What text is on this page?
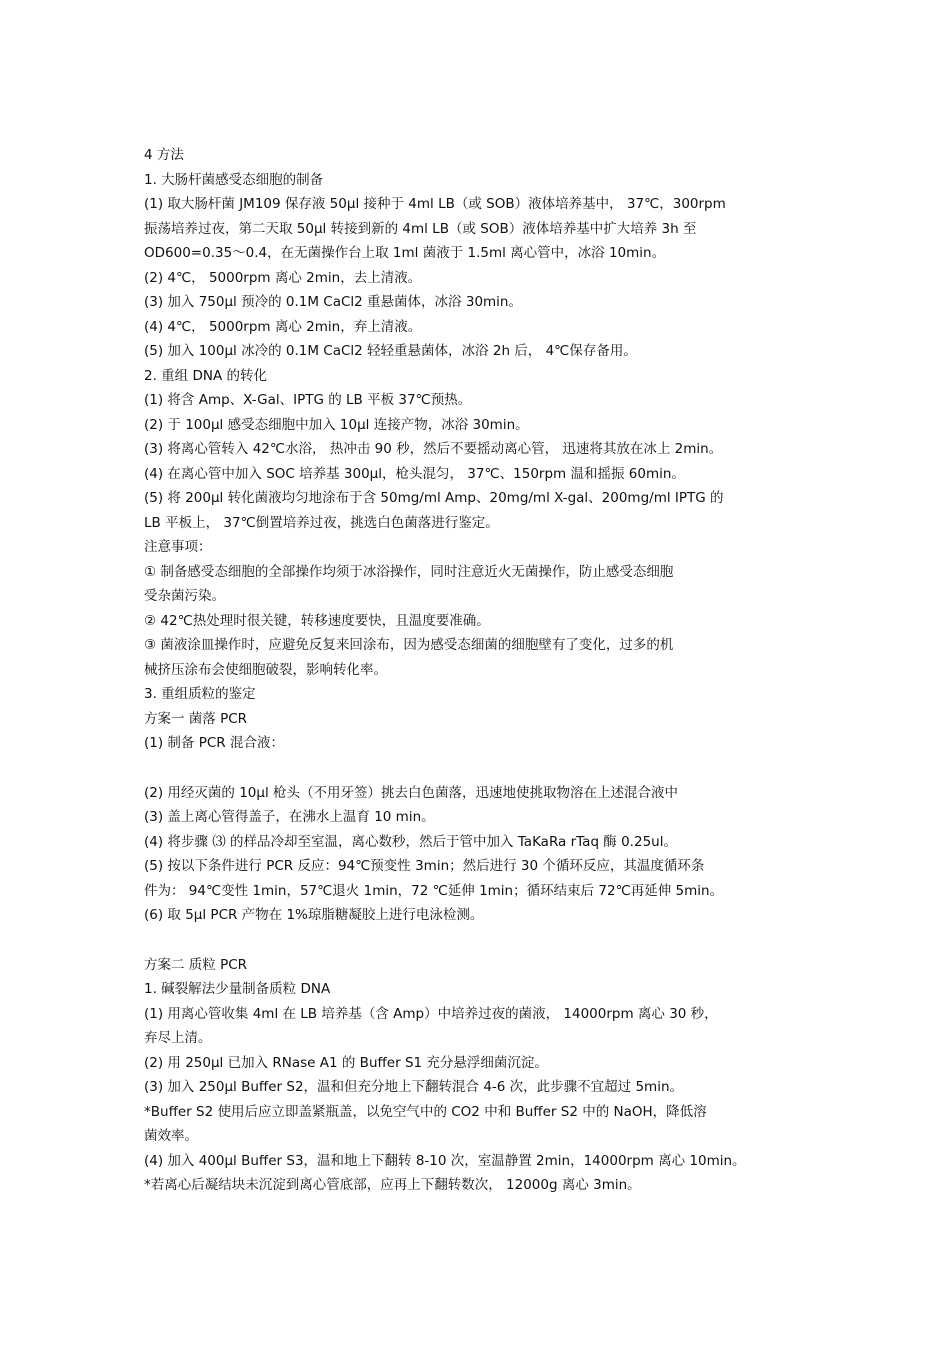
4 方法
1. 大肠杆菌感受态细胞的制备
(1) 取大肠杆菌 JM109 保存液 50μl 接种于 4ml LB（或 SOB）液体培养基中， 37℃，300rpm
振荡培养过夜，第二天取 50μl 转接到新的 4ml LB（或 SOB）液体培养基中扩大培养 3h 至
OD600=0.35～0.4，在无菌操作台上取 1ml 菌液于 1.5ml 离心管中，冰浴 10min。
(2) 4℃， 5000rpm 离心 2min，去上清液。
(3) 加入 750μl 预冷的 0.1M CaCl2 重悬菌体，冰浴 30min。
(4) 4℃， 5000rpm 离心 2min，弃上清液。
(5) 加入 100μl 冰冷的 0.1M CaCl2 轻轻重悬菌体，冰浴 2h 后， 4℃保存备用。
2. 重组 DNA 的转化
(1) 将含 Amp、X-Gal、IPTG 的 LB 平板 37℃预热。
(2) 于 100μl 感受态细胞中加入 10μl 连接产物，冰浴 30min。
(3) 将离心管转入 42℃水浴， 热冲击 90 秒，然后不要摇动离心管， 迅速将其放在冰上 2min。
(4) 在离心管中加入 SOC 培养基 300μl，枪头混匀， 37℃、150rpm 温和摇振 60min。
(5) 将 200μl 转化菌液均匀地涂布于含 50mg/ml Amp、20mg/ml X-gal、200mg/ml IPTG 的
LB 平板上， 37℃倒置培养过夜，挑选白色菌落进行鉴定。
注意事项：
① 制备感受态细胞的全部操作均须于冰浴操作，同时注意近火无菌操作，防止感受态细胞
受杂菌污染。
② 42℃热处理时很关键，转移速度要快，且温度要准确。
③ 菌液涂皿操作时，应避免反复来回涂布，因为感受态细菌的细胞壁有了变化，过多的机
械挤压涂布会使细胞破裂，影响转化率。
3. 重组质粒的鉴定
方案一 菌落 PCR
(1) 制备 PCR 混合液：
(2) 用经灭菌的 10μl 枪头（不用牙签）挑去白色菌落，迅速地使挑取物溶在上述混合液中
(3) 盖上离心管得盖子，在沸水上温育 10 min。
(4) 将步骤 ⑶ 的样品冷却至室温，离心数秒，然后于管中加入 TaKaRa rTaq 酶 0.25ul。
(5) 按以下条件进行 PCR 反应：94℃预变性 3min；然后进行 30 个循环反应，其温度循环条
件为： 94℃变性 1min，57℃退火 1min，72 ℃延伸 1min；循环结束后 72℃再延伸 5min。
(6) 取 5μl PCR 产物在 1%琼脂糖凝胶上进行电泳检测。
方案二 质粒 PCR
1. 碱裂解法少量制备质粒 DNA
(1) 用离心管收集 4ml 在 LB 培养基（含 Amp）中培养过夜的菌液， 14000rpm 离心 30 秒，
弃尽上清。
(2) 用 250μl 已加入 RNase A1 的 Buffer S1 充分悬浮细菌沉淀。
(3) 加入 250μl Buffer S2，温和但充分地上下翻转混合 4-6 次，此步骤不宜超过 5min。
*Buffer S2 使用后应立即盖紧瓶盖，以免空气中的 CO2 中和 Buffer S2 中的 NaOH，降低溶
菌效率。
(4) 加入 400μl Buffer S3，温和地上下翻转 8-10 次，室温静置 2min，14000rpm 离心 10min。
*若离心后凝结块未沉淀到离心管底部，应再上下翻转数次， 12000g 离心 3min。
